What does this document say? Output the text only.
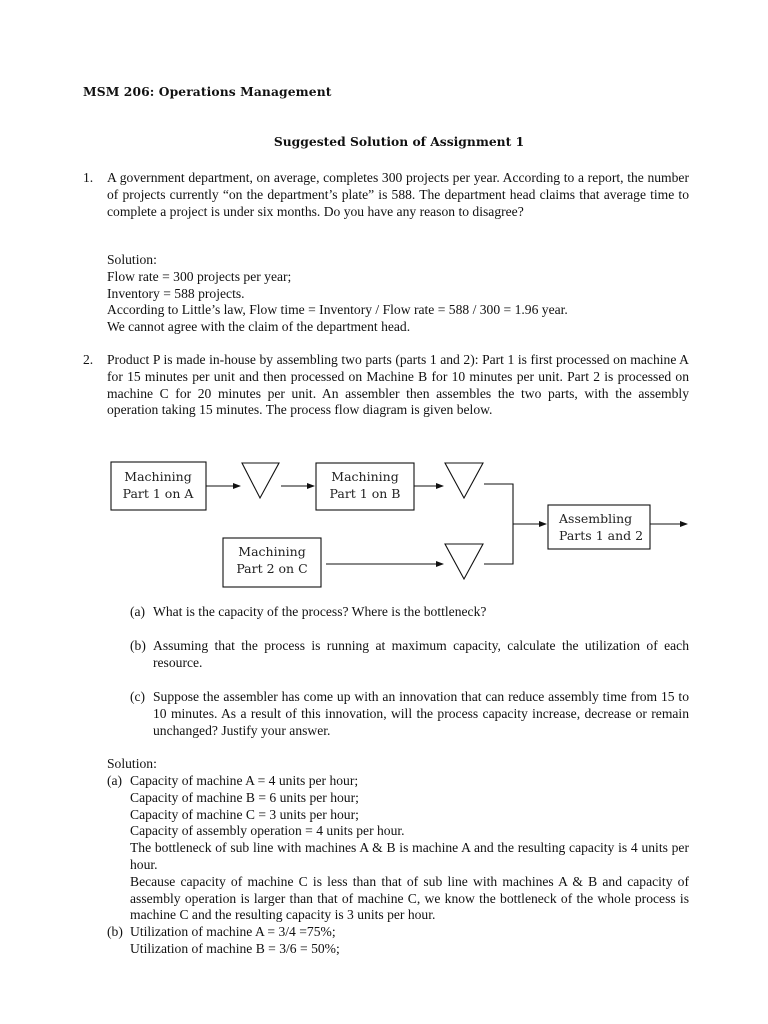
MSM 206: Operations Management
Suggested Solution of Assignment 1
1. A government department, on average, completes 300 projects per year. According to a report, the number of projects currently “on the department’s plate” is 588. The department head claims that average time to complete a project is under six months. Do you have any reason to disagree?
Solution:
Flow rate = 300 projects per year;
Inventory = 588 projects.
According to Little’s law, Flow time = Inventory / Flow rate = 588 / 300 = 1.96 year.
We cannot agree with the claim of the department head.
2. Product P is made in-house by assembling two parts (parts 1 and 2): Part 1 is first processed on machine A for 15 minutes per unit and then processed on Machine B for 10 minutes per unit. Part 2 is processed on machine C for 20 minutes per unit. An assembler then assembles the two parts, with the assembly operation taking 15 minutes. The process flow diagram is given below.
Machining
Part 1 on A
Machining
Part 1 on B
Machining
Part 2 on C
Assembling
Parts 1 and 2
(a) What is the capacity of the process? Where is the bottleneck?
(b) Assuming that the process is running at maximum capacity, calculate the utilization of each resource.
(c) Suppose the assembler has come up with an innovation that can reduce assembly time from 15 to 10 minutes. As a result of this innovation, will the process capacity increase, decrease or remain unchanged? Justify your answer.
Solution:
(a) Capacity of machine A = 4 units per hour;
Capacity of machine B = 6 units per hour;
Capacity of machine C = 3 units per hour;
Capacity of assembly operation = 4 units per hour.
The bottleneck of sub line with machines A & B is machine A and the resulting capacity is 4 units per hour.
Because capacity of machine C is less than that of sub line with machines A & B and capacity of assembly operation is larger than that of machine C, we know the bottleneck of the whole process is machine C and the resulting capacity is 3 units per hour.
(b) Utilization of machine A = 3/4 =75%;
Utilization of machine B = 3/6 = 50%;
